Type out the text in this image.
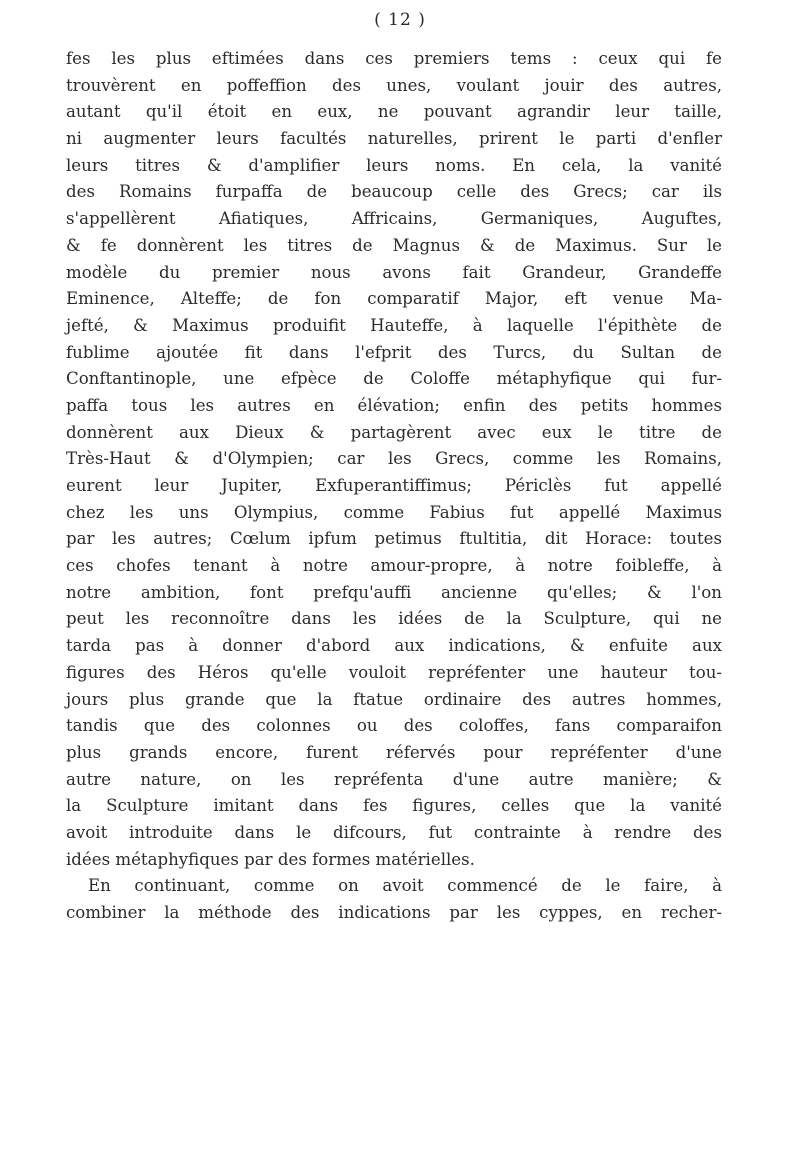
( 12 )
fes les plus eftimées dans ces premiers tems : ceux qui fe
trouvèrent en poffeffion des unes, voulant jouir des autres,
autant qu'il étoit en eux, ne pouvant agrandir leur taille,
ni augmenter leurs facultés naturelles, prirent le parti d'enfler
leurs titres & d'amplifier leurs noms. En cela, la vanité
des Romains furpaffa de beaucoup celle des Grecs; car ils
s'appellèrent Afiatiques, Affricains, Germaniques, Auguftes,
& fe donnèrent les titres de Magnus & de Maximus. Sur le
modèle du premier nous avons fait Grandeur, Grandeffe
Eminence, Alteffe; de fon comparatif Major, eft venue Ma-
jefté, & Maximus produifit Hauteffe, à laquelle l'épithète de
fublime ajoutée fit dans l'efprit des Turcs, du Sultan de
Conftantinople, une efpèce de Coloffe métaphyfique qui fur-
paffa tous les autres en élévation; enfin des petits hommes
donnèrent aux Dieux & partagèrent avec eux le titre de
Très-Haut & d'Olympien; car les Grecs, comme les Romains,
eurent leur Jupiter, Exfuperantiffimus; Périclès fut appellé
chez les uns Olympius, comme Fabius fut appellé Maximus
par les autres; Cœlum ipfum petimus ftultitia, dit Horace: toutes
ces chofes tenant à notre amour-propre, à notre foibleffe, à
notre ambition, font prefqu'auffi ancienne qu'elles; & l'on
peut les reconnoître dans les idées de la Sculpture, qui ne
tarda pas à donner d'abord aux indications, & enfuite aux
figures des Héros qu'elle vouloit repréfenter une hauteur tou-
jours plus grande que la ftatue ordinaire des autres hommes,
tandis que des colonnes ou des coloffes, fans comparaifon
plus grands encore, furent réfervés pour repréfenter d'une
autre nature, on les repréfenta d'une autre manière; &
la Sculpture imitant dans fes figures, celles que la vanité
avoit introduite dans le difcours, fut contrainte à rendre des
idées métaphyfiques par des formes matérielles.
En continuant, comme on avoit commencé de le faire, à
combiner la méthode des indications par les cyppes, en recher-
